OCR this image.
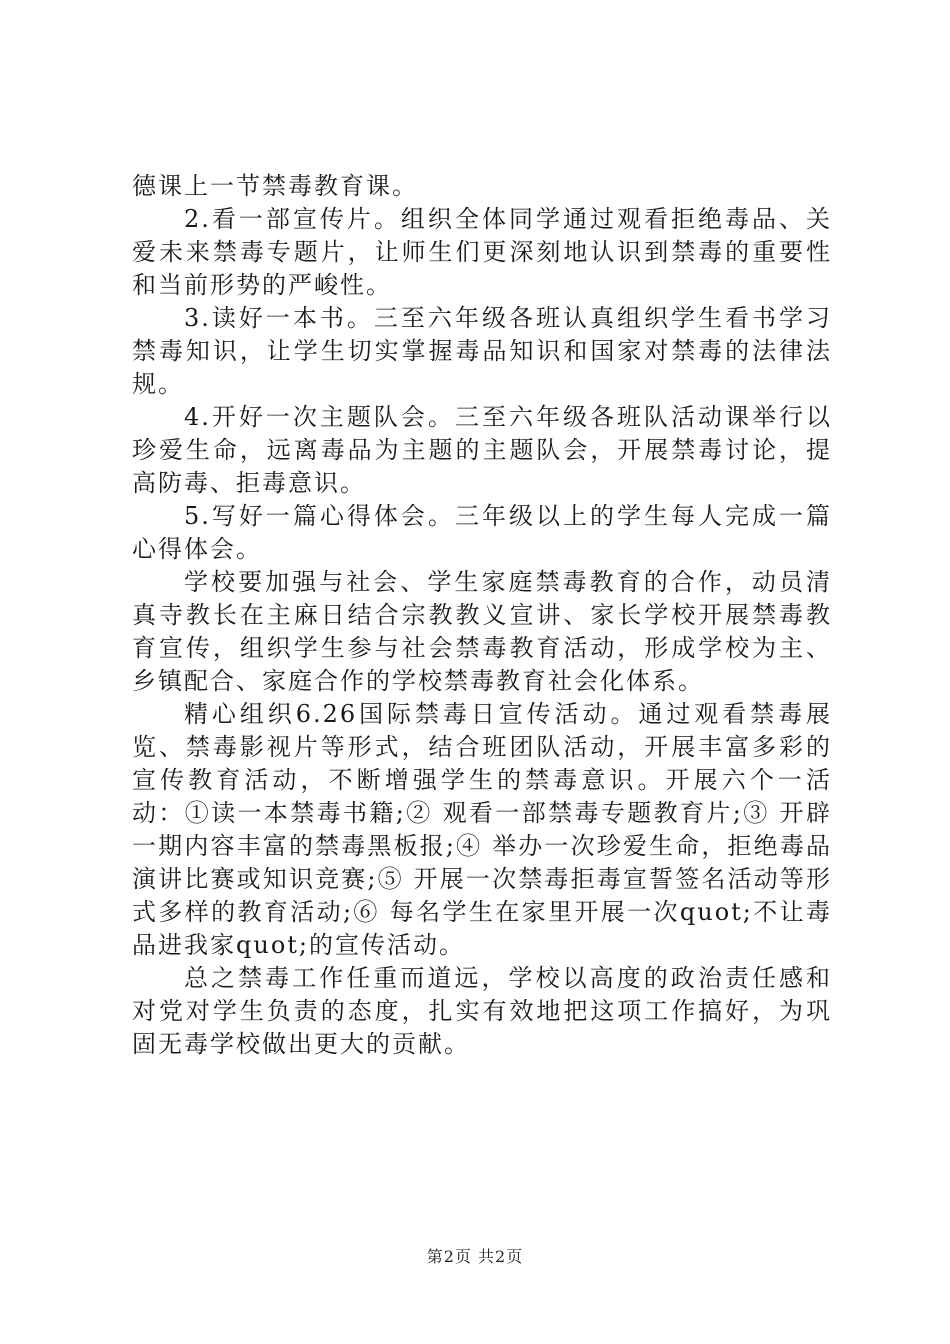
德课上一节禁毒教育课。

2.看一部宣传片。组织全体同学通过观看拒绝毒品、关爱未来禁毒专题片，让师生们更深刻地认识到禁毒的重要性和当前形势的严峻性。

3.读好一本书。三至六年级各班认真组织学生看书学习禁毒知识，让学生切实掌握毒品知识和国家对禁毒的法律法规。

4.开好一次主题队会。三至六年级各班队活动课举行以珍爱生命，远离毒品为主题的主题队会，开展禁毒讨论，提高防毒、拒毒意识。

5.写好一篇心得体会。三年级以上的学生每人完成一篇心得体会。

学校要加强与社会、学生家庭禁毒教育的合作，动员清真寺教长在主麻日结合宗教教义宣讲、家长学校开展禁毒教育宣传，组织学生参与社会禁毒教育活动，形成学校为主、乡镇配合、家庭合作的学校禁毒教育社会化体系。

精心组织6.26国际禁毒日宣传活动。通过观看禁毒展览、禁毒影视片等形式，结合班团队活动，开展丰富多彩的宣传教育活动，不断增强学生的禁毒意识。开展六个一活动：①读一本禁毒书籍;② 观看一部禁毒专题教育片;③ 开辟一期内容丰富的禁毒黑板报;④ 举办一次珍爱生命，拒绝毒品演讲比赛或知识竞赛;⑤ 开展一次禁毒拒毒宣誓签名活动等形式多样的教育活动;⑥ 每名学生在家里开展一次quot;不让毒品进我家quot;的宣传活动。

总之禁毒工作任重而道远，学校以高度的政治责任感和对党对学生负责的态度，扎实有效地把这项工作搞好，为巩固无毒学校做出更大的贡献。

第2页 共2页
